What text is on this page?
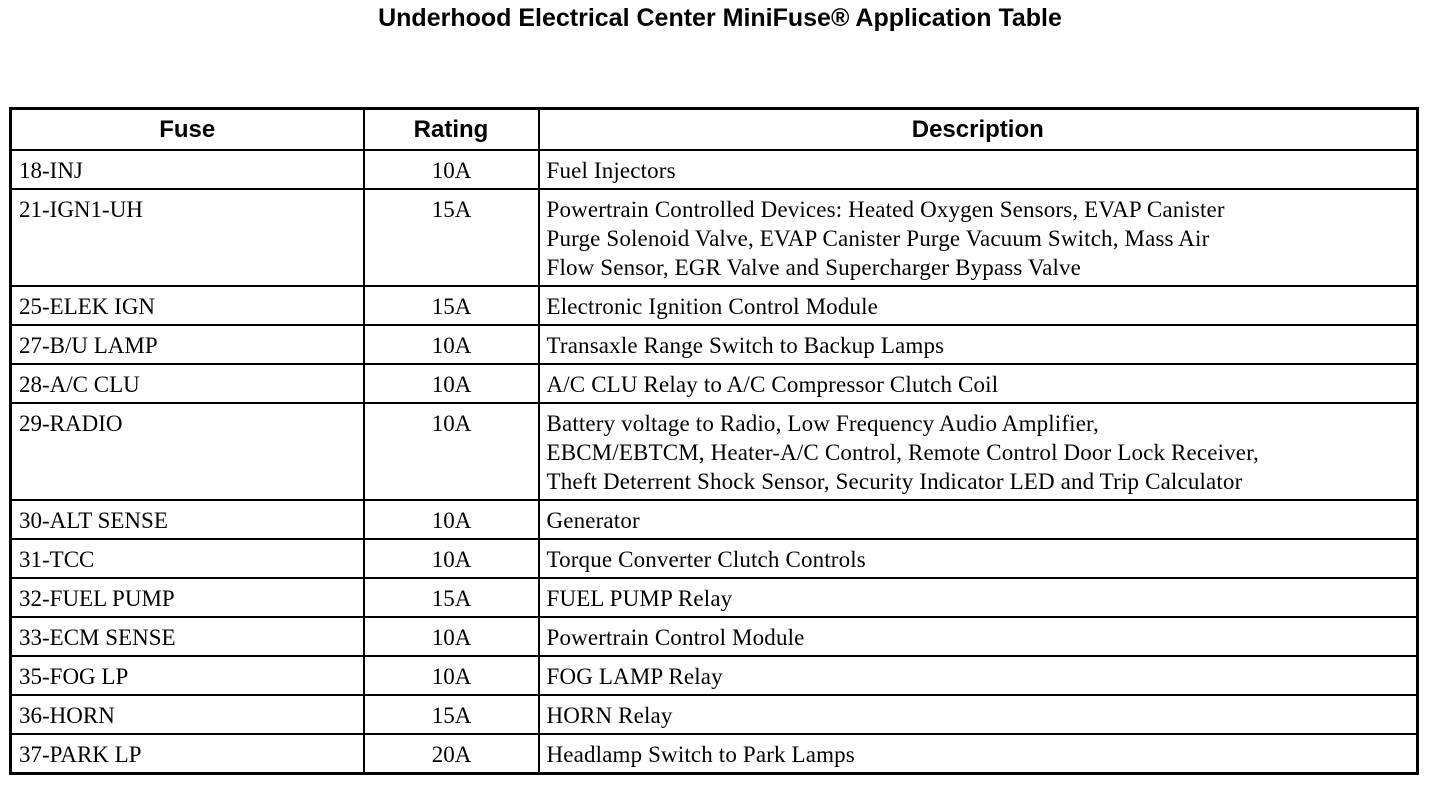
Underhood Electrical Center MiniFuse® Application Table
Fuse	Rating	Description
18-INJ	10A	Fuel Injectors

21-IGN1-UH	15A	Powertrain Controlled Devices: Heated Oxygen Sensors, EVAP Canister
Purge Solenoid Valve, EVAP Canister Purge Vacuum Switch, Mass Air
Flow Sensor, EGR Valve and Supercharger Bypass Valve

25-ELEK IGN	15A	Electronic Ignition Control Module

27-B/U LAMP	10A	Transaxle Range Switch to Backup Lamps

28-A/C CLU	10A	A/C CLU Relay to A/C Compressor Clutch Coil

29-RADIO	10A	Battery voltage to Radio, Low Frequency Audio Amplifier,
EBCM/EBTCM, Heater-A/C Control, Remote Control Door Lock Receiver,
Theft Deterrent Shock Sensor, Security Indicator LED and Trip Calculator

30-ALT SENSE	10A	Generator

31-TCC	10A	Torque Converter Clutch Controls

32-FUEL PUMP	15A	FUEL PUMP Relay

33-ECM SENSE	10A	Powertrain Control Module

35-FOG LP	10A	FOG LAMP Relay

36-HORN	15A	HORN Relay

37-PARK LP	20A	Headlamp Switch to Park Lamps
